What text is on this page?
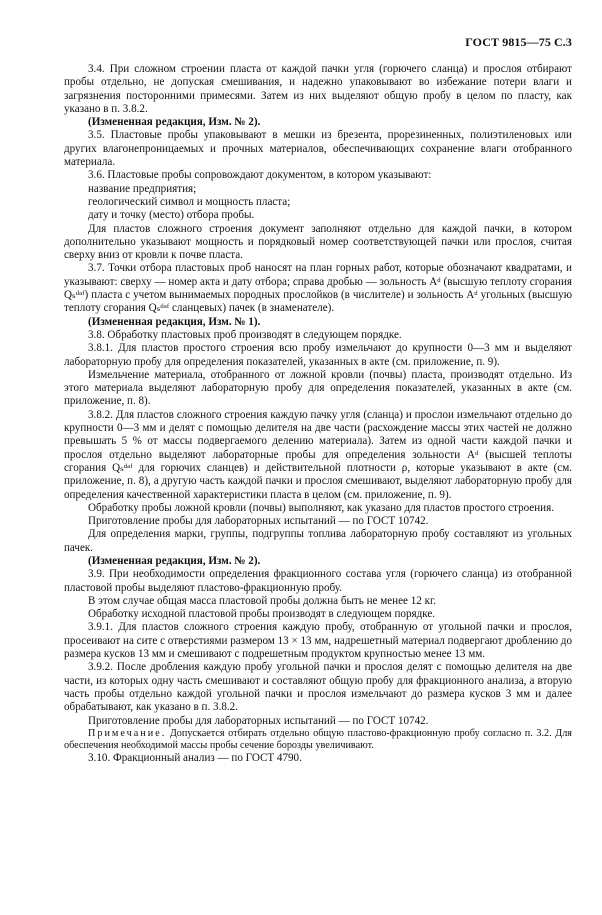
ГОСТ 9815—75 С.3

3.4. При сложном строении пласта от каждой пачки угля (горючего сланца) и прослоя отбирают пробы отдельно, не допуская смешивания, и надежно упаковывают во избежание потери влаги и загрязнения посторонними примесями. Затем из них выделяют общую пробу в целом по пласту, как указано в п. 3.8.2.

(Измененная редакция, Изм. № 2).

3.5. Пластовые пробы упаковывают в мешки из брезента, прорезиненных, полиэтиленовых или других влагонепроницаемых и прочных материалов, обеспечивающих сохранение влаги отобранного материала.

3.6. Пластовые пробы сопровождают документом, в котором указывают:

название предприятия;

геологический символ и мощность пласта;

дату и точку (место) отбора пробы.

Для пластов сложного строения документ заполняют отдельно для каждой пачки, в котором дополнительно указывают мощность и порядковый номер соответствующей пачки или прослоя, считая сверху вниз от кровли к почве пласта.

3.7. Точки отбора пластовых проб наносят на план горных работ, которые обозначают квадратами, и указывают: сверху — номер акта и дату отбора; справа дробью — зольность Aᵈ (высшую теплоту сгорания Qₛᵈᵃᶠ) пласта с учетом вынимаемых породных прослойков (в числителе) и зольность Aᵈ угольных (высшую теплоту сгорания Qₛᵈᵃᶠ сланцевых) пачек (в знаменателе).

(Измененная редакция, Изм. № 1).

3.8. Обработку пластовых проб производят в следующем порядке.

3.8.1. Для пластов простого строения всю пробу измельчают до крупности 0—3 мм и выделяют лабораторную пробу для определения показателей, указанных в акте (см. приложение, п. 9).

Измельчение материала, отобранного от ложной кровли (почвы) пласта, производят отдельно. Из этого материала выделяют лабораторную пробу для определения показателей, указанных в акте (см. приложение, п. 8).

3.8.2. Для пластов сложного строения каждую пачку угля (сланца) и прослои измельчают отдельно до крупности 0—3 мм и делят с помощью делителя на две части (расхождение массы этих частей не должно превышать 5 % от массы подвергаемого делению материала). Затем из одной части каждой пачки и прослоя отдельно выделяют лабораторные пробы для определения зольности Aᵈ (высшей теплоты сгорания Qₛᵈᵃᶠ для горючих сланцев) и действительной плотности ρ, которые указывают в акте (см. приложение, п. 8), а другую часть каждой пачки и прослоя смешивают, выделяют лабораторную пробу для определения качественной характеристики пласта в целом (см. приложение, п. 9).

Обработку пробы ложной кровли (почвы) выполняют, как указано для пластов простого строения.

Приготовление пробы для лабораторных испытаний — по ГОСТ 10742.

Для определения марки, группы, подгруппы топлива лабораторную пробу составляют из угольных пачек.

(Измененная редакция, Изм. № 2).

3.9. При необходимости определения фракционного состава угля (горючего сланца) из отобранной пластовой пробы выделяют пластово-фракционную пробу.

В этом случае общая масса пластовой пробы должна быть не менее 12 кг.

Обработку исходной пластовой пробы производят в следующем порядке.

3.9.1. Для пластов сложного строения каждую пробу, отобранную от угольной пачки и прослоя, просеивают на сите с отверстиями размером 13 × 13 мм, надрешетный материал подвергают дроблению до размера кусков 13 мм и смешивают с подрешетным продуктом крупностью менее 13 мм.

3.9.2. После дробления каждую пробу угольной пачки и прослоя делят с помощью делителя на две части, из которых одну часть смешивают и составляют общую пробу для фракционного анализа, а вторую часть пробы отдельно каждой угольной пачки и прослоя измельчают до размера кусков 3 мм и далее обрабатывают, как указано в п. 3.8.2.

Приготовление пробы для лабораторных испытаний — по ГОСТ 10742.

Примечание. Допускается отбирать отдельно общую пластово-фракционную пробу согласно п. 3.2. Для обеспечения необходимой массы пробы сечение борозды увеличивают.

3.10. Фракционный анализ — по ГОСТ 4790.
